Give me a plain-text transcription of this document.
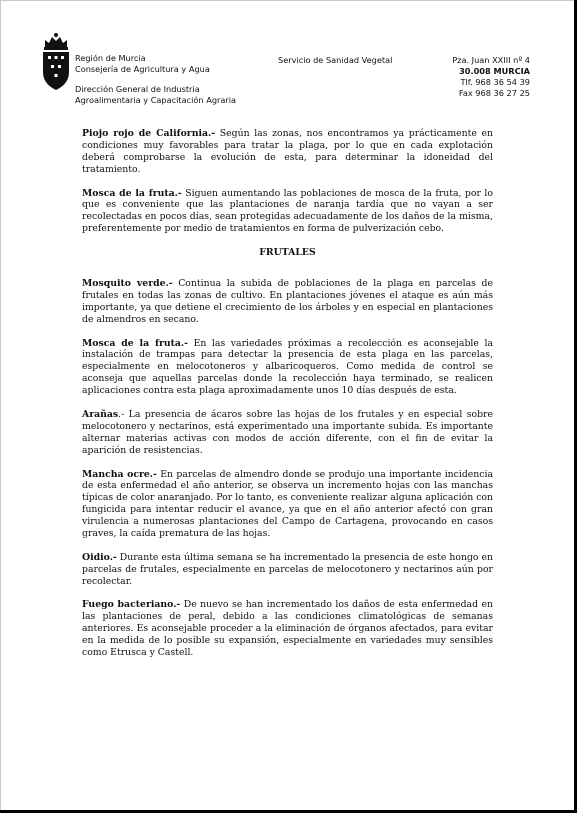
Región de Murcia
Consejería de Agricultura y Agua
Dirección General de Industria
Agroalimentaria y Capacitación Agraria
Servicio de Sanidad Vegetal	Pza. Juan XXIII nº 4
30.008 MURCIA
Tlf. 968 36 54 39
Fax 968 36 27 25

Piojo rojo de California.- Según las zonas, nos encontramos ya prácticamente en condiciones muy favorables para tratar la plaga, por lo que en cada explotación deberá comprobarse la evolución de esta, para determinar la idoneidad del tratamiento.

Mosca de la fruta.- Siguen aumentando las poblaciones de mosca de la fruta, por lo que es conveniente que las plantaciones de naranja tardía que no vayan a ser recolectadas en pocos días, sean protegidas adecuadamente de los daños de la misma, preferentemente por medio de tratamientos en forma de pulverización cebo.

FRUTALES

Mosquito verde.- Continua la subida de poblaciones de la plaga en parcelas de frutales en todas las zonas de cultivo. En plantaciones jóvenes el ataque es aún más importante, ya que detiene el crecimiento de los árboles y en especial en plantaciones de almendros en secano.

Mosca de la fruta.- En las variedades próximas a recolección es aconsejable la instalación de trampas para detectar la presencia de esta plaga en las parcelas, especialmente en melocotoneros y albaricoqueros. Como medida de control se aconseja que aquellas parcelas donde la recolección haya terminado, se realicen aplicaciones contra esta plaga aproximadamente unos 10 días después de esta.

Arañas.- La presencia de ácaros sobre las hojas de los frutales y en especial sobre melocotonero y nectarinos, está experimentado una importante subida. Es importante alternar materias activas con modos de acción diferente, con el fin de evitar la aparición de resistencias.

Mancha ocre.- En parcelas de almendro donde se produjo una importante incidencia de esta enfermedad el año anterior, se observa un incremento hojas con las manchas típicas de color anaranjado. Por lo tanto, es conveniente realizar alguna aplicación con fungicida para intentar reducir el avance, ya que en el año anterior afectó con gran virulencia a numerosas plantaciones del Campo de Cartagena, provocando en casos graves, la caída prematura de las hojas.

Oidio.- Durante esta última semana se ha incrementado la presencia de este hongo en parcelas de frutales, especialmente en parcelas de melocotonero y nectarinos aún por recolectar.

Fuego bacteriano.- De nuevo se han incrementado los daños de esta enfermedad en las plantaciones de peral, debido a las condiciones climatológicas de semanas anteriores. Es aconsejable proceder a la eliminación de órganos afectados, para evitar en la medida de lo posible su expansión, especialmente en variedades muy sensibles como Etrusca y Castell.
